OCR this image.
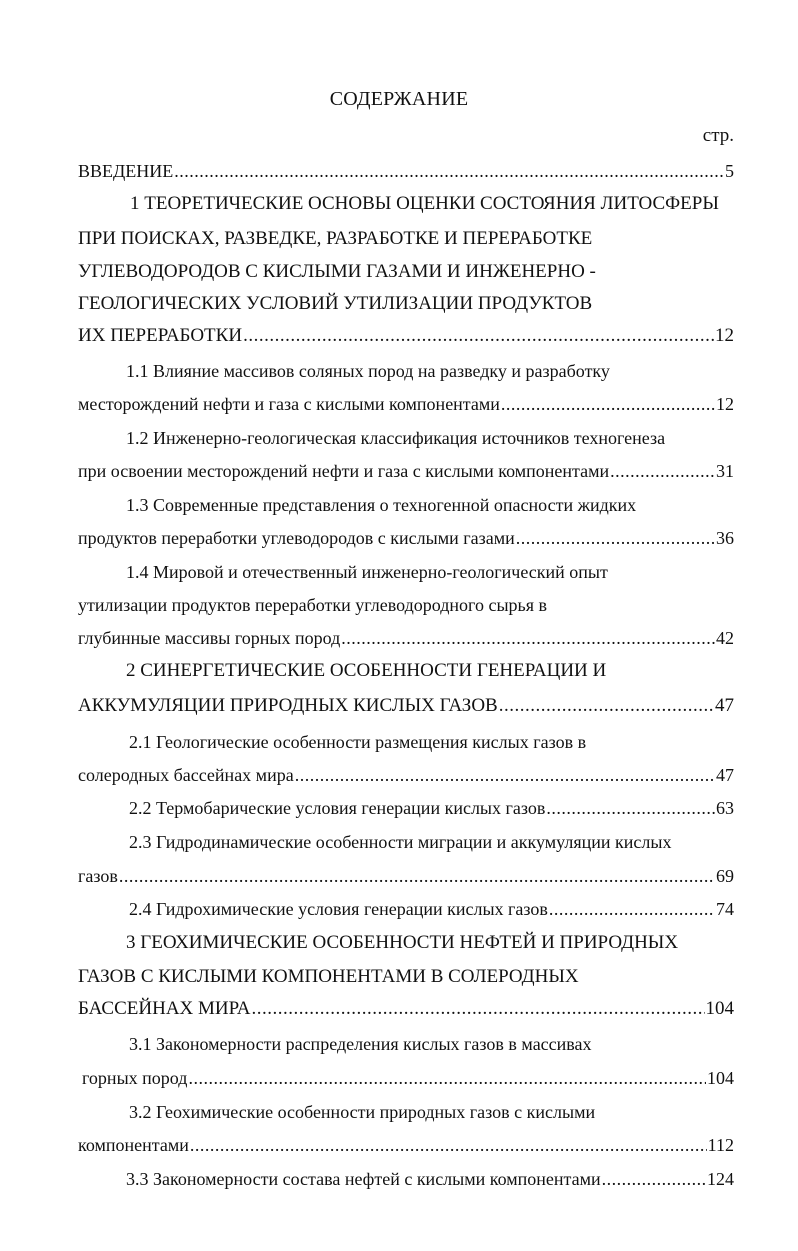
СОДЕРЖАНИЕ
стр.
ВВЕДЕНИЕ .....	5
1 ТЕОРЕТИЧЕСКИЕ ОСНОВЫ ОЦЕНКИ СОСТОЯНИЯ ЛИТОСФЕРЫ
ПРИ ПОИСКАХ, РАЗВЕДКЕ, РАЗРАБОТКЕ И ПЕРЕРАБОТКЕ
УГЛЕВОДОРОДОВ С КИСЛЫМИ ГАЗАМИ И ИНЖЕНЕРНО -
ГЕОЛОГИЧЕСКИХ УСЛОВИЙ УТИЛИЗАЦИИ ПРОДУКТОВ
ИХ ПЕРЕРАБОТКИ .....	12
1.1 Влияние массивов соляных пород на разведку и разработку
месторождений нефти и газа с кислыми компонентами .....	12
1.2 Инженерно-геологическая классификация источников техногенеза
при освоении месторождений нефти и газа с кислыми компонентами .....	31
1.3 Современные представления о техногенной опасности жидких
продуктов переработки углеводородов с кислыми газами .....	36
1.4 Мировой и отечественный инженерно-геологический опыт
утилизации продуктов переработки углеводородного сырья в
глубинные массивы горных пород .....	42
2 СИНЕРГЕТИЧЕСКИЕ ОСОБЕННОСТИ ГЕНЕРАЦИИ И
АККУМУЛЯЦИИ ПРИРОДНЫХ КИСЛЫХ ГАЗОВ .....	47
2.1 Геологические особенности размещения кислых газов в
солеродных бассейнах мира .....	47
2.2 Термобарические условия генерации кислых газов .....	63
2.3 Гидродинамические особенности миграции и аккумуляции кислых
газов .....	69
2.4 Гидрохимические условия генерации кислых газов .....	74
3 ГЕОХИМИЧЕСКИЕ ОСОБЕННОСТИ НЕФТЕЙ И ПРИРОДНЫХ
ГАЗОВ С КИСЛЫМИ КОМПОНЕНТАМИ В СОЛЕРОДНЫХ
БАССЕЙНАХ МИРА .....	104
3.1 Закономерности распределения кислых газов в массивах
горных пород .....	104
3.2 Геохимические особенности природных газов с кислыми
компонентами .....	112
3.3 Закономерности состава нефтей с кислыми компонентами .....	124
